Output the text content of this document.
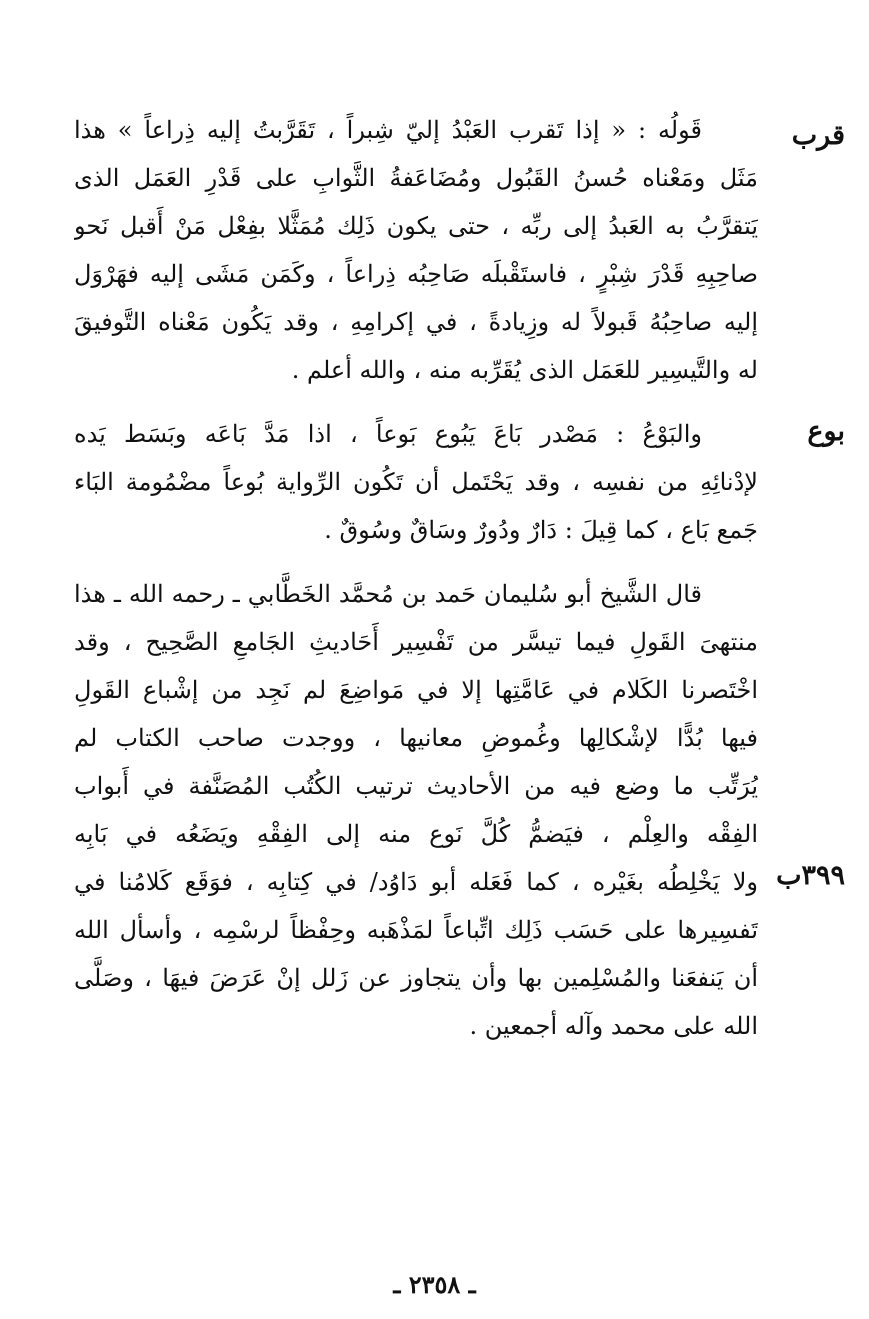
قرب
قَولُه : « إذا تَقرب العَبْدُ إليّ شِبراً ، تَقَرَّبتُ إليه ذِراعاً » هذا
مَثَل ومَعْناه حُسنُ القَبُول ومُضَاعَفةُ الثَّوابِ على قَدْرِ العَمَل الذى
يَتقرَّبُ به العَبدُ إلى ربِّه ، حتى يكون ذَلِك مُمَثَّلا بفِعْل مَنْ أَقبل نَحو
صاحِبِهِ قَدْرَ شِبْرٍ ، فاستَقْبلَه صَاحِبُه ذِراعاً ، وكَمَن مَشَى إليه فهَرْوَل
إليه صاحِبُهُ قَبولاً له وزِيادةً ، في إكرامِهِ ، وقد يَكُون مَعْناه التَّوفيقَ
له والتَّيسِير للعَمَل الذى يُقَرِّبه منه ، والله أعلم .
بوع
والبَوْعُ : مَصْدر بَاعَ يَبُوع بَوعاً ، اذا مَدَّ بَاعَه وبَسَط يَده
لإدْنائِهِ من نفسِه ، وقد يَحْتَمل أن تَكُون الرِّواية بُوعاً مضْمُومة البَاء
جَمع بَاع ، كما قِيلَ : دَارٌ ودُورٌ وسَاقٌ وسُوقٌ .
٣٩٩ب
قال الشَّيخ أبو سُليمان حَمد بن مُحمَّد الخَطَّابي ـ رحمه الله ـ هذا
منتهىَ القَولِ فيما تيسَّر من تَفْسِير أَحَاديثِ الجَامعِ الصَّحِيح ، وقد
اخْتَصرنا الكَلام في عَامَّتِها إلا في مَواضِعَ لم نَجِد من إشْباع القَولِ
فيها بُدًّا لإشْكالِها وغُموضِ معانيها ، ووجدت صاحب الكتاب لم
يُرَتِّب ما وضع فيه من الأحاديث ترتيب الكُتُب المُصَنَّفة في أَبواب
الفِقْه والعِلْم ، فيَضمُّ كُلَّ نَوع منه إلى الفِقْهِ ويَضَعُه في بَابِه
ولا يَخْلِطُه بغَيْره ، كما فَعَله أبو دَاوُد/ في كِتابِه ، فوَقَع كَلامُنا في
تَفسِيرها على حَسَب ذَلِك اتِّباعاً لمَذْهَبه وحِفْظاً لرسْمِه ، وأسأل الله
أن يَنفعَنا والمُسْلِمين بها وأن يتجاوز عن زَلل إنْ عَرَضَ فيهَا ، وصَلَّى
الله على محمد وآله أجمعين .
ـ ٢٣٥٨ ـ
